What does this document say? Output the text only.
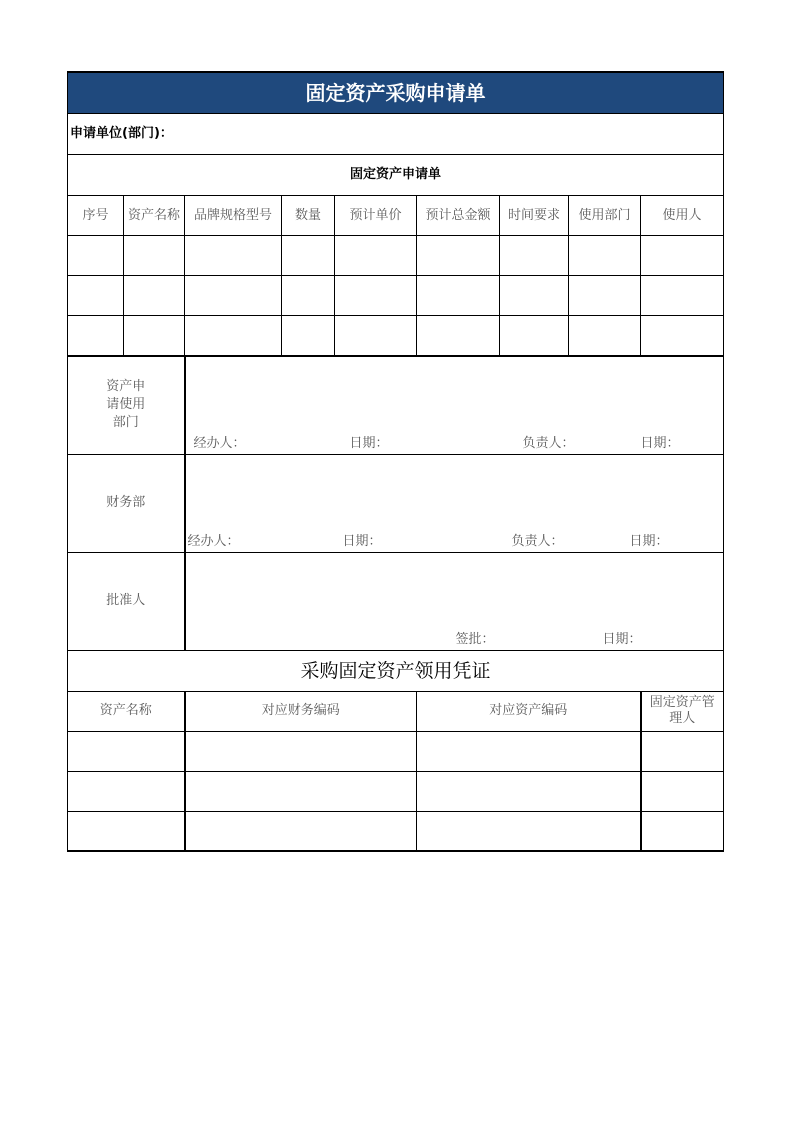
固定资产采购申请单								
申请单位(部门)：								
固定资产申请单								
序号	资产名称	品牌规格型号	数量	预计单价	预计总金额	时间要求	使用部门	使用人

资产申请使用部门		经办人： 日期： 负责人： 日期：						

财务部		经办人： 日期： 负责人： 日期：						

批准人		签批： 日期：						

采购固定资产领用凭证								
资产名称	对应财务编码	对应资产编码	固定资产管理人
